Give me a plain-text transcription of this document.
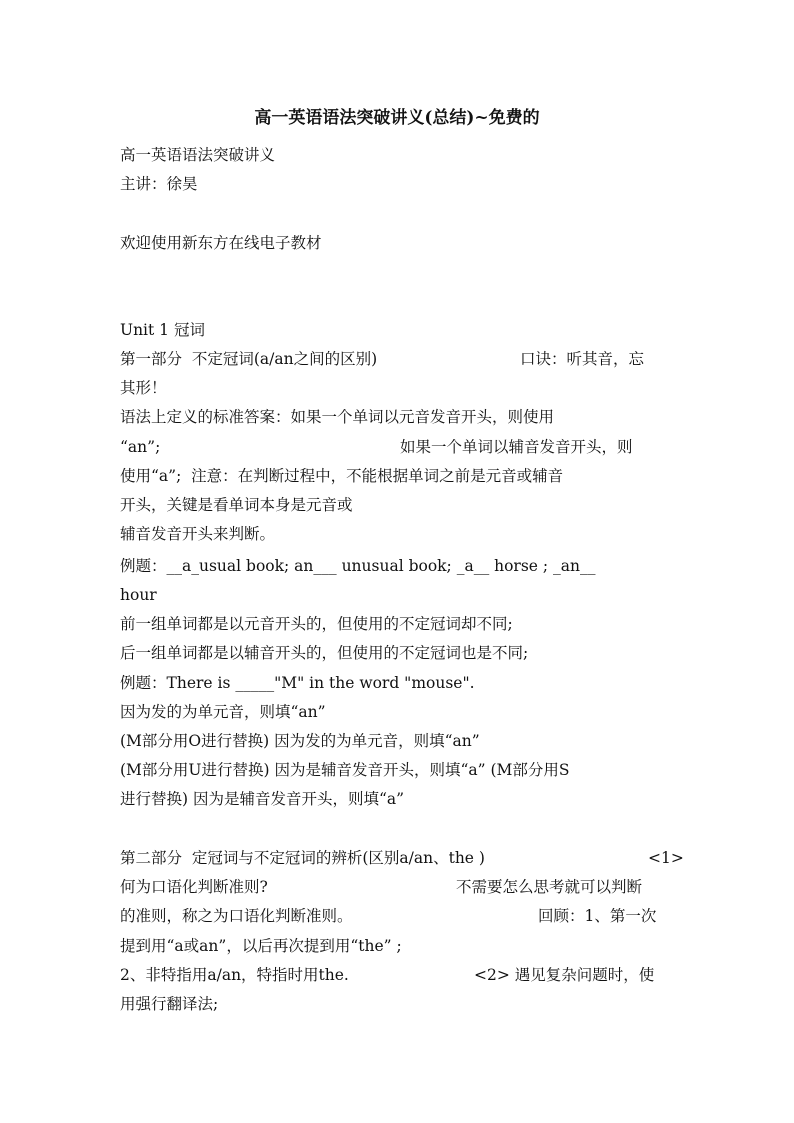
高一英语语法突破讲义(总结)~免费的
高一英语语法突破讲义
主讲：徐昊
欢迎使用新东方在线电子教材
Unit 1 冠词

第一部分  不定冠词(a/an之间的区别)

	口诀：听其音，忘

其形！
语法上定义的标准答案：如果一个单词以元音发音开头，则使用

“an”;

	如果一个单词以辅音发音开头，则

使用“a”;  注意：在判断过程中，不能根据单词之前是元音或辅音
开头，关键是看单词本身是元音或
辅音发音开头来判断。
例题：__a_usual book; an___ unusual book; _a__ horse ; _an__
hour
前一组单词都是以元音开头的，但使用的不定冠词却不同;
后一组单词都是以辅音开头的，但使用的不定冠词也是不同;
例题：There is _____"M" in the word "mouse".
因为发的为单元音，则填“an”
(M部分用O进行替换) 因为发的为单元音，则填“an”
(M部分用U进行替换) 因为是辅音发音开头，则填“a” (M部分用S
进行替换) 因为是辅音发音开头，则填“a”

第二部分  定冠词与不定冠词的辨析(区别a/an、the )

	<1>

何为口语化判断准则?

	不需要怎么思考就可以判断

的准则，称之为口语化判断准则。

	回顾：1、第一次

提到用“a或an”，以后再次提到用“the” ;

2、非特指用a/an，特指时用the.

	<2> 遇见复杂问题时，使

用强行翻译法;
